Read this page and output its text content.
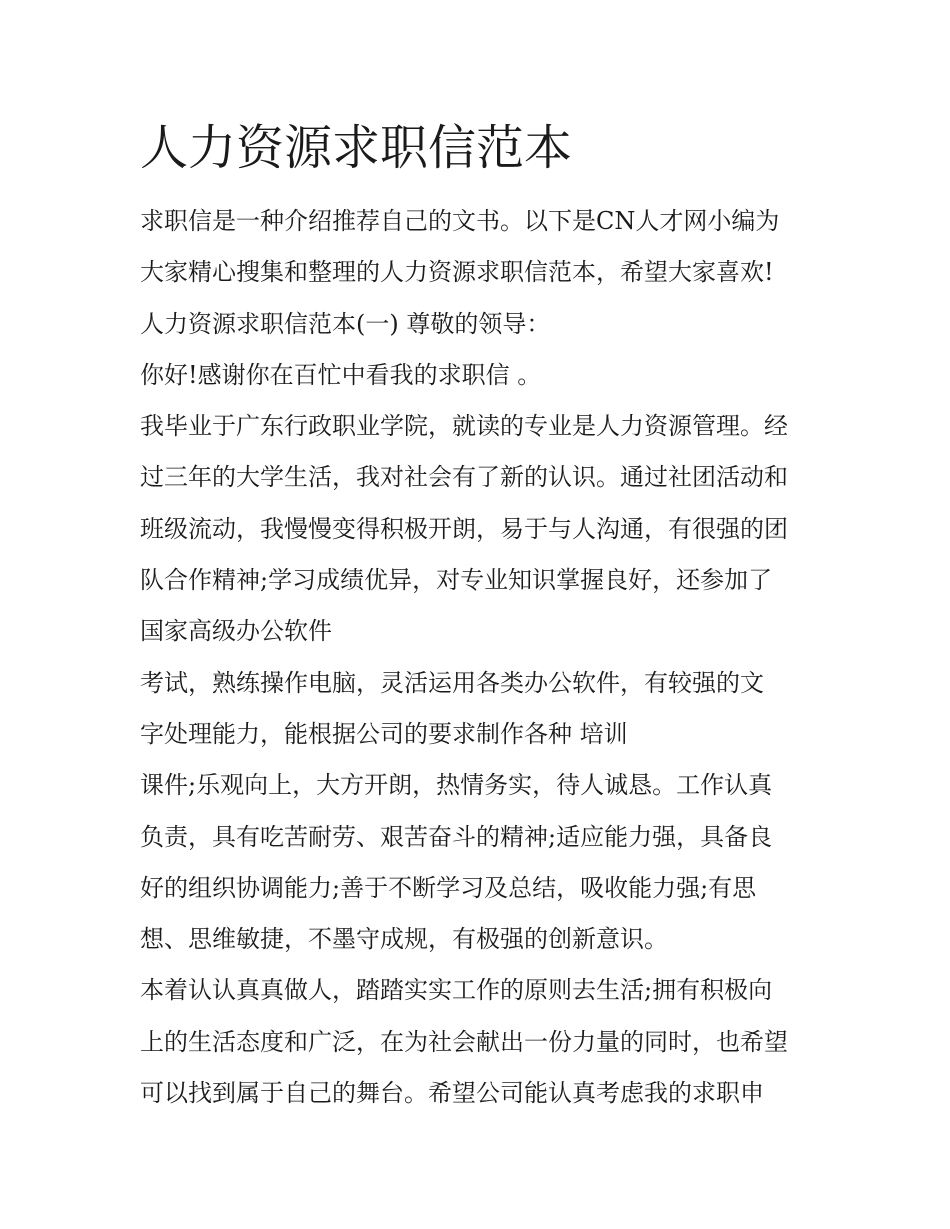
人力资源求职信范本
求职信是一种介绍推荐自己的文书。以下是CN人才网小编为
大家精心搜集和整理的人力资源求职信范本，希望大家喜欢!
人力资源求职信范本(一) 尊敬的领导：
你好!感谢你在百忙中看我的求职信 。
我毕业于广东行政职业学院，就读的专业是人力资源管理。经
过三年的大学生活，我对社会有了新的认识。通过社团活动和
班级流动，我慢慢变得积极开朗，易于与人沟通，有很强的团
队合作精神;学习成绩优异，对专业知识掌握良好，还参加了
国家高级办公软件
考试，熟练操作电脑，灵活运用各类办公软件，有较强的文
字处理能力，能根据公司的要求制作各种 培训
课件;乐观向上，大方开朗，热情务实，待人诚恳。工作认真
负责，具有吃苦耐劳、艰苦奋斗的精神;适应能力强，具备良
好的组织协调能力;善于不断学习及总结，吸收能力强;有思
想、思维敏捷，不墨守成规，有极强的创新意识。
本着认认真真做人，踏踏实实工作的原则去生活;拥有积极向
上的生活态度和广泛，在为社会献出一份力量的同时，也希望
可以找到属于自己的舞台。希望公司能认真考虑我的求职申
